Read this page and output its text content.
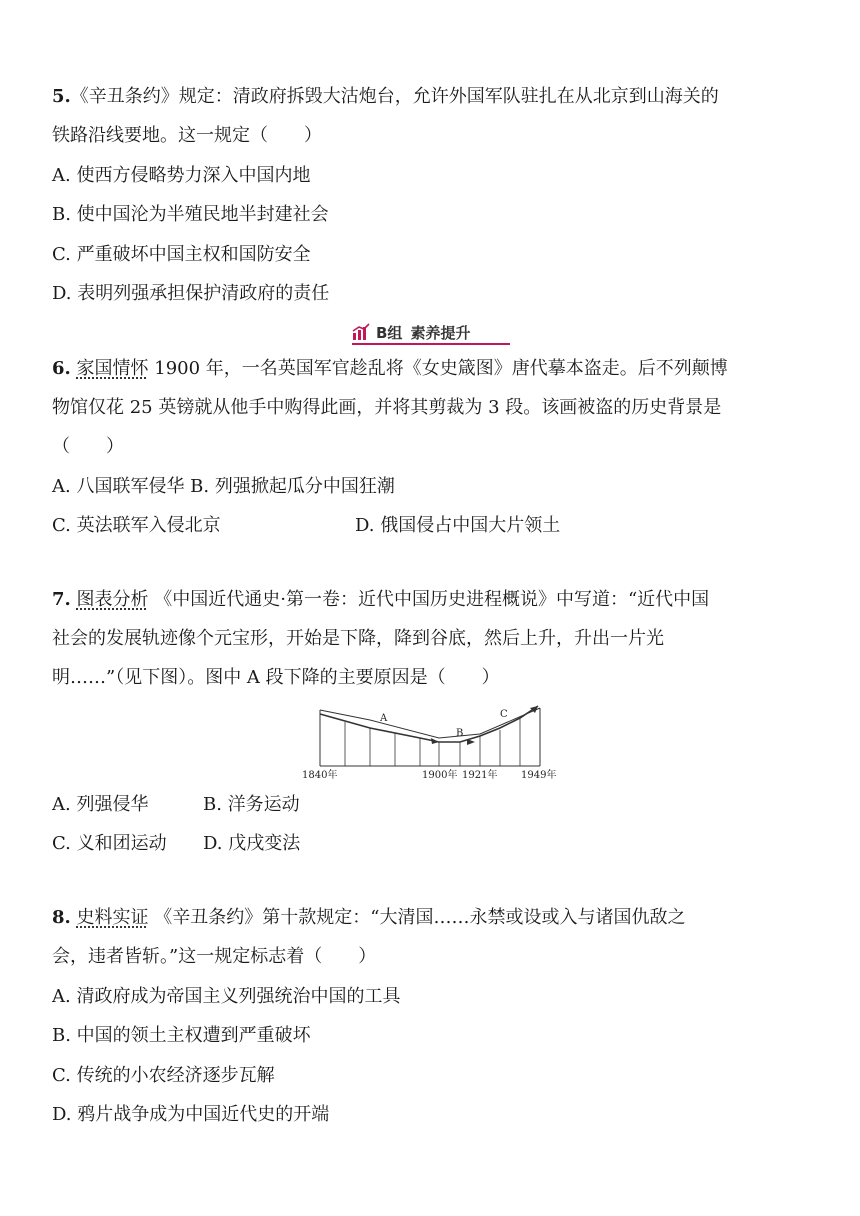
5.《辛丑条约》规定：清政府拆毁大沽炮台，允许外国军队驻扎在从北京到山海关的
铁路沿线要地。这一规定（　　）
A. 使西方侵略势力深入中国内地
B. 使中国沦为半殖民地半封建社会
C. 严重破坏中国主权和国防安全
D. 表明列强承担保护清政府的责任
B组 素养提升
6. 家国情怀 1900 年，一名英国军官趁乱将《女史箴图》唐代摹本盗走。后不列颠博
物馆仅花 25 英镑就从他手中购得此画，并将其剪裁为 3 段。该画被盗的历史背景是
（　　）
A. 八国联军侵华 B. 列强掀起瓜分中国狂潮
C. 英法联军入侵北京	D. 俄国侵占中国大片领土
7. 图表分析 《中国近代通史·第一卷：近代中国历史进程概说》中写道：“近代中国
社会的发展轨迹像个元宝形，开始是下降，降到谷底，然后上升，升出一片光
明……”（见下图）。图中 A 段下降的主要原因是（　　）
A
B
C
1840年	1900年 1921年 1949年
A. 列强侵华	B. 洋务运动
C. 义和团运动 D. 戊戌变法
8. 史料实证 《辛丑条约》第十款规定：“大清国……永禁或设或入与诸国仇敌之
会，违者皆斩。”这一规定标志着（　　）
A. 清政府成为帝国主义列强统治中国的工具
B. 中国的领土主权遭到严重破坏
C. 传统的小农经济逐步瓦解
D. 鸦片战争成为中国近代史的开端
